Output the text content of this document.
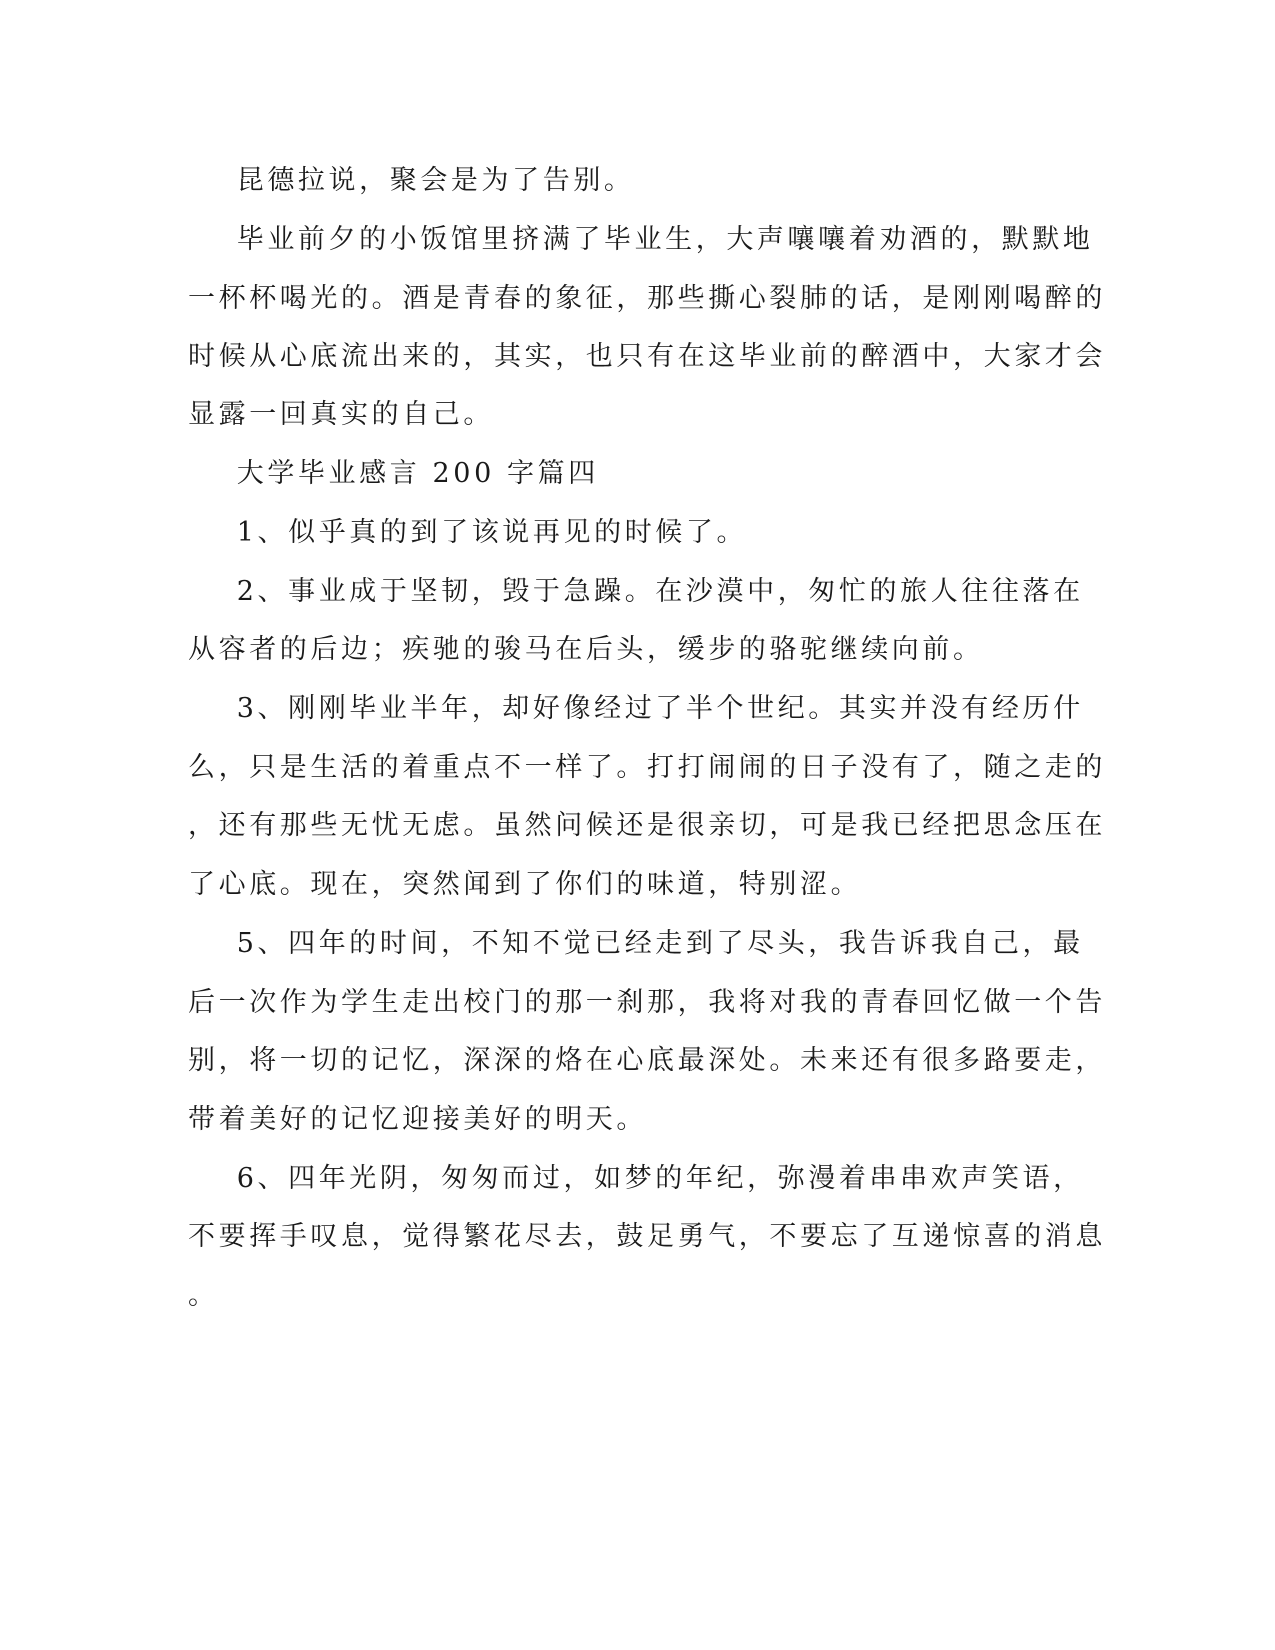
昆德拉说，聚会是为了告别。
毕业前夕的小饭馆里挤满了毕业生，大声嚷嚷着劝酒的，默默地
一杯杯喝光的。酒是青春的象征，那些撕心裂肺的话，是刚刚喝醉的
时候从心底流出来的，其实，也只有在这毕业前的醉酒中，大家才会
显露一回真实的自己。
大学毕业感言 200 字篇四
1、似乎真的到了该说再见的时候了。
2、事业成于坚韧，毁于急躁。在沙漠中，匆忙的旅人往往落在
从容者的后边；疾驰的骏马在后头，缓步的骆驼继续向前。
3、刚刚毕业半年，却好像经过了半个世纪。其实并没有经历什
么，只是生活的着重点不一样了。打打闹闹的日子没有了，随之走的
，还有那些无忧无虑。虽然问候还是很亲切，可是我已经把思念压在
了心底。现在，突然闻到了你们的味道，特别涩。
5、四年的时间，不知不觉已经走到了尽头，我告诉我自己，最
后一次作为学生走出校门的那一刹那，我将对我的青春回忆做一个告
别，将一切的记忆，深深的烙在心底最深处。未来还有很多路要走，
带着美好的记忆迎接美好的明天。
6、四年光阴，匆匆而过，如梦的年纪，弥漫着串串欢声笑语，
不要挥手叹息，觉得繁花尽去，鼓足勇气，不要忘了互递惊喜的消息
。
